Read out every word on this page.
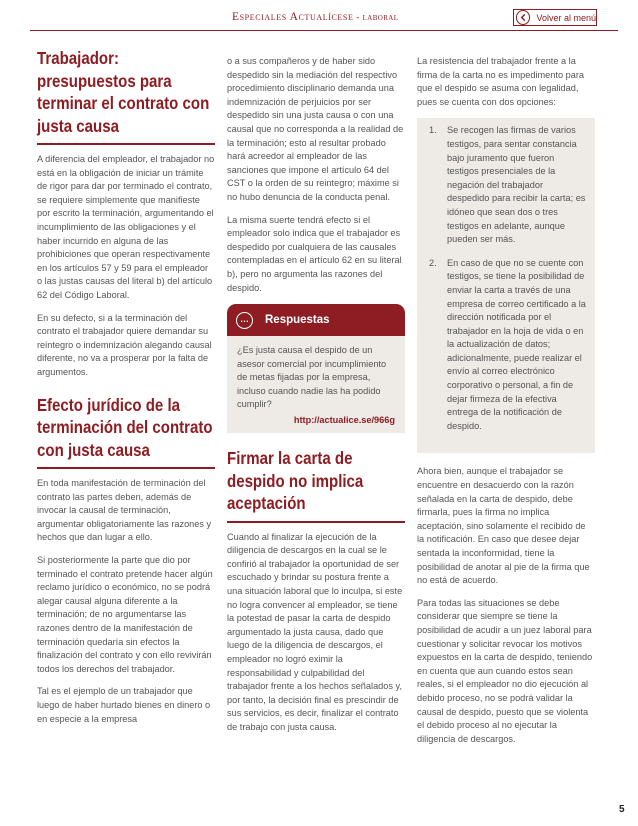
Especiales Actualícese - laboral	Volver al menú
Trabajador: presupuestos para terminar el contrato con justa causa

A diferencia del empleador, el trabajador no está en la obligación de iniciar un trámite de rigor para dar por terminado el contrato, se requiere simplemente que manifieste por escrito la terminación, argumentando el incumplimiento de las obligaciones y el haber incurrido en alguna de las prohibiciones que operan respectivamente en los artículos 57 y 59 para el empleador o las justas causas del literal b) del artículo 62 del Código Laboral.

En su defecto, si a la terminación del contrato el trabajador quiere demandar su reintegro o indemnización alegando causal diferente, no va a prosperar por la falta de argumentos.

Efecto jurídico de la terminación del contrato con justa causa

En toda manifestación de terminación del contrato las partes deben, además de invocar la causal de terminación, argumentar obligatoriamente las razones y hechos que dan lugar a ello.

Si posteriormente la parte que dio por terminado el contrato pretende hacer algún reclamo jurídico o económico, no se podrá alegar causal alguna diferente a la terminación; de no argumentarse las razones dentro de la manifestación de terminación quedaría sin efectos la finalización del contrato y con ello revivirán todos los derechos del trabajador.

Tal es el ejemplo de un trabajador que luego de haber hurtado bienes en dinero o en especie a la empresa

o a sus compañeros y de haber sido despedido sin la mediación del respectivo procedimiento disciplinario demanda una indemnización de perjuicios por ser despedido sin una justa causa o con una causal que no corresponda a la realidad de la terminación; esto al resultar probado hará acreedor al empleador de las sanciones que impone el artículo 64 del CST o la orden de su reintegro; máxime si no hubo denuncia de la conducta penal.

La misma suerte tendrá efecto si el empleador solo indica que el trabajador es despedido por cualquiera de las causales contempladas en el artículo 62 en su literal b), pero no argumenta las razones del despido.

…	Respuestas

¿Es justa causa el despido de un asesor comercial por incumplimiento de metas fijadas por la empresa, incluso cuando nadie las ha podido cumplir?

http://actualice.se/966g
Firmar la carta de despido no implica aceptación

Cuando al finalizar la ejecución de la diligencia de descargos en la cual se le confirió al trabajador la oportunidad de ser escuchado y brindar su postura frente a una situación laboral que lo inculpa, si este no logra convencer al empleador, se tiene la potestad de pasar la carta de despido argumentado la justa causa, dado que luego de la diligencia de descargos, el empleador no logró eximir la responsabilidad y culpabilidad del trabajador frente a los hechos señalados y, por tanto, la decisión final es prescindir de sus servicios, es decir, finalizar el contrato de trabajo con justa causa.

La resistencia del trabajador frente a la firma de la carta no es impedimento para que el despido se asuma con legalidad, pues se cuenta con dos opciones:

1.	Se recogen las firmas de varios testigos, para sentar constancia bajo juramento que fueron testigos presenciales de la negación del trabajador despedido para recibir la carta; es idóneo que sean dos o tres testigos en adelante, aunque pueden ser más.
2.	En caso de que no se cuente con testigos, se tiene la posibilidad de enviar la carta a través de una empresa de correo certificado a la dirección notificada por el trabajador en la hoja de vida o en la actualización de datos; adicionalmente, puede realizar el envío al correo electrónico corporativo o personal, a fin de dejar firmeza de la efectiva entrega de la notificación de despido.

Ahora bien, aunque el trabajador se encuentre en desacuerdo con la razón señalada en la carta de despido, debe firmarla, pues la firma no implica aceptación, sino solamente el recibido de la notificación. En caso que desee dejar sentada la inconformidad, tiene la posibilidad de anotar al pie de la firma que no está de acuerdo.

Para todas las situaciones se debe considerar que siempre se tiene la posibilidad de acudir a un juez laboral para cuestionar y solicitar revocar los motivos expuestos en la carta de despido, teniendo en cuenta que aun cuando estos sean reales, si el empleador no dio ejecución al debido proceso, no se podrá validar la causal de despido, puesto que se violenta el debido proceso al no ejecutar la diligencia de descargos.

5
